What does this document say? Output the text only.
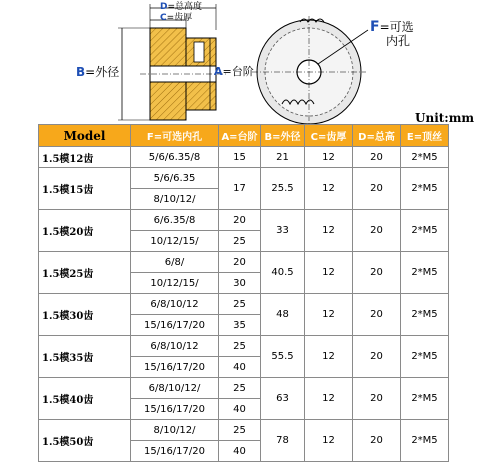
D=总高度
C=齿厚
B=外径	A=台阶
F=可选
内孔
Unit:mm
Model	F=可选内孔	A=台阶	B=外径	C=齿厚	D=总高	E=顶丝
1.5模12齿	5/6/6.35/8	15	21	12	20	2*M5
1.5模15齿	5/6/6.35	17	25.5	12	20	2*M5
	8/10/12/					
1.5模20齿	6/6.35/8	20	33	12	20	2*M5
	10/12/15/	25				
1.5模25齿	6/8/	20	40.5	12	20	2*M5
	10/12/15/	30				
1.5模30齿	6/8/10/12	25	48	12	20	2*M5
	15/16/17/20	35				
1.5模35齿	6/8/10/12	25	55.5	12	20	2*M5
	15/16/17/20	40				
1.5模40齿	6/8/10/12/	25	63	12	20	2*M5
	15/16/17/20	40				
1.5模50齿	8/10/12/	25	78	12	20	2*M5
	15/16/17/20	40				
